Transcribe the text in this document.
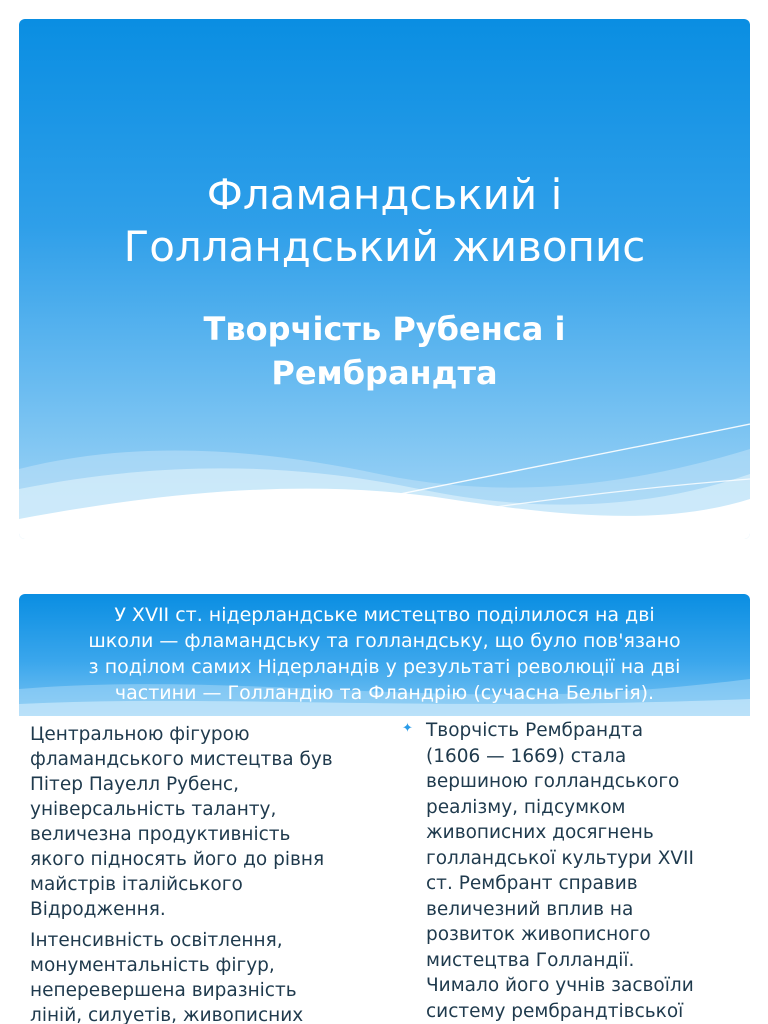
Фламандський і
Голландський живопис
Творчість Рубенса і
Рембрандта

У XVII ст. нідерландське мистецтво поділилося на дві
школи — фламандську та голландську, що було пов'язано
з поділом самих Нідерландів у результаті революції на дві
частини — Голландію та Фландрію (сучасна Бельгія).

Центральною фігурою
фламандського мистецтва був
Пітер Пауелл Рубенс,
універсальність таланту,
величезна продуктивність
якого підносять його до рівня
майстрів італійського
Відродження.

Інтенсивність освітлення,
монументальність фігур,
неперевершена виразність
ліній, силуетів, живописних

✦ Творчість Рембрандта
(1606 — 1669) стала
вершиною голландського
реалізму, підсумком
живописних досягнень
голландської культури XVII
ст. Рембрант справив
величезний вплив на
розвиток живописного
мистецтва Голландії.
Чимало його учнів засвоїли
систему рембрандтівської
